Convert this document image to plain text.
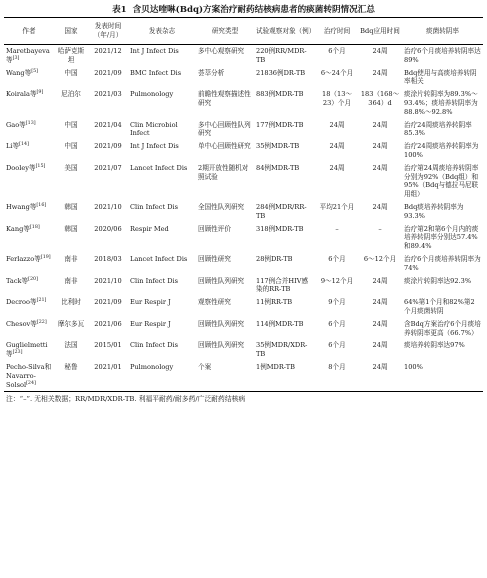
表1 含贝达喹啉(Bdq)方案治疗耐药结核病患者的痰菌转阴情况汇总
作者	国家	发表时间（年/月）	发表杂志	研究类型	试验观察对象（例）	治疗时间	Bdq应用时间	痰菌转阴率
Maretbayeva等[3]	哈萨克斯坦	2021/12	Int J Infect Dis	多中心观察研究	220例RR/MDR-TB	6个月	24周	治疗6个月痰培养转阴率达89%
Wang等[5]	中国	2021/09	BMC Infect Dis	荟萃分析	21836例DR-TB	6～24个月	24周	Bdq使用与高痰培养转阴率相关
Koirala等[9]	尼泊尔	2021/03	Pulmonology	前瞻性观察描述性研究	883例MDR-TB	18（13～23）个月	183（168～364）d	痰涂片转阴率为89.3%～93.4%；痰培养转阴率为88.8%～92.8%
Gao等[13]	中国	2021/04	Clin Microbiol Infect	多中心回顾性队列研究	177例MDR-TB	24周	24周	治疗24周痰培养转阴率85.3%
Li等[14]	中国	2021/09	Int J Infect Dis	单中心回顾性研究	35例MDR-TB	24周	24周	治疗24周痰培养转阴率为100%
Dooley等[15]	美国	2021/07	Lancet Infect Dis	2期开放性随机对照试验	84例MDR-TB	24周	24周	治疗第24周痰培养转阴率分别为92%（Bdq组）和95%（Bdq与德拉马尼联用组）
Hwang等[16]	韩国	2021/10	Clin Infect Dis	全国性队列研究	284例MDR/RR-TB	平均21个月	24周	Bdq痰培养转阴率为93.3%
Kang等[18]	韩国	2020/06	Respir Med	回顾性评价	318例MDR-TB	–	–	治疗第2和第6个月内的痰培养转阴率分别达57.4%和89.4%
Ferlazzo等[19]	南非	2018/03	Lancet Infect Dis	回顾性研究	28例DR-TB	6个月	6～12个月	治疗6个月痰培养转阴率为74%
Tack等[20]	南非	2021/10	Clin Infect Dis	回顾性队列研究	117例合并HIV感染的RR-TB	9～12个月	24周	痰涂片转阴率达92.3%
Decroo等[21]	比利时	2021/09	Eur Respir J	观察性研究	11例RR-TB	9个月	24周	64%第1个月和82%第2个月痰菌转阴
Chesov等[22]	摩尔多瓦	2021/06	Eur Respir J	回顾性队列研究	114例MDR-TB	6个月	24周	含Bdq方案治疗6个月痰培养转阴率更高（66.7%）
Guglielmetti等[23]	法国	2015/01	Clin Infect Dis	回顾性队列研究	35例MDR/XDR-TB	6个月	24周	痰培养转阴率达97%
Pecho-Silva和Navarro-Solsol[24]	秘鲁	2021/01	Pulmonology	个案	1例MDR-TB	8个月	24周	100%
注：“–”. 无相关数据；RR/MDR/XDR-TB. 利福平耐药/耐多药/广泛耐药结核病
